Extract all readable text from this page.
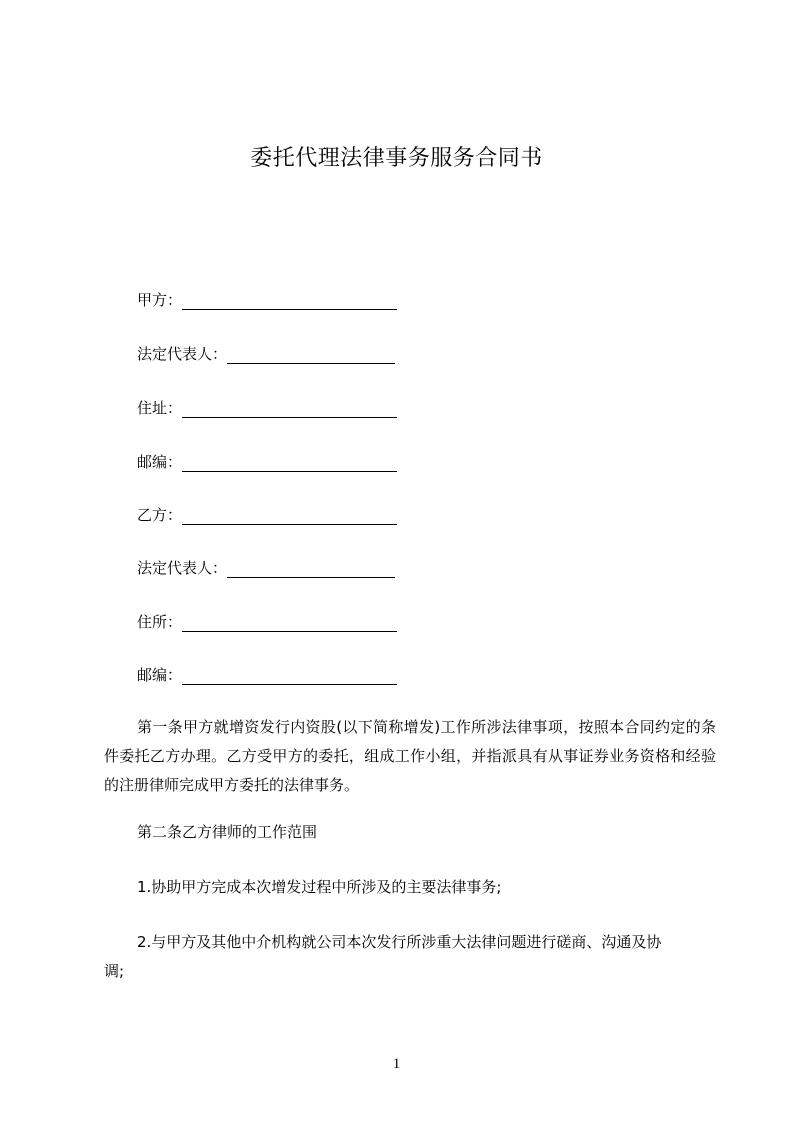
委托代理法律事务服务合同书
甲方：
法定代表人：
住址：
邮编：
乙方：
法定代表人：
住所：
邮编：
第一条甲方就增资发行内资股(以下简称增发)工作所涉法律事项，按照本合同约定的条件委托乙方办理。乙方受甲方的委托，组成工作小组，并指派具有从事证券业务资格和经验的注册律师完成甲方委托的法律事务。
第二条乙方律师的工作范围
1.协助甲方完成本次增发过程中所涉及的主要法律事务;
2.与甲方及其他中介机构就公司本次发行所涉重大法律问题进行磋商、沟通及协
调;
1
